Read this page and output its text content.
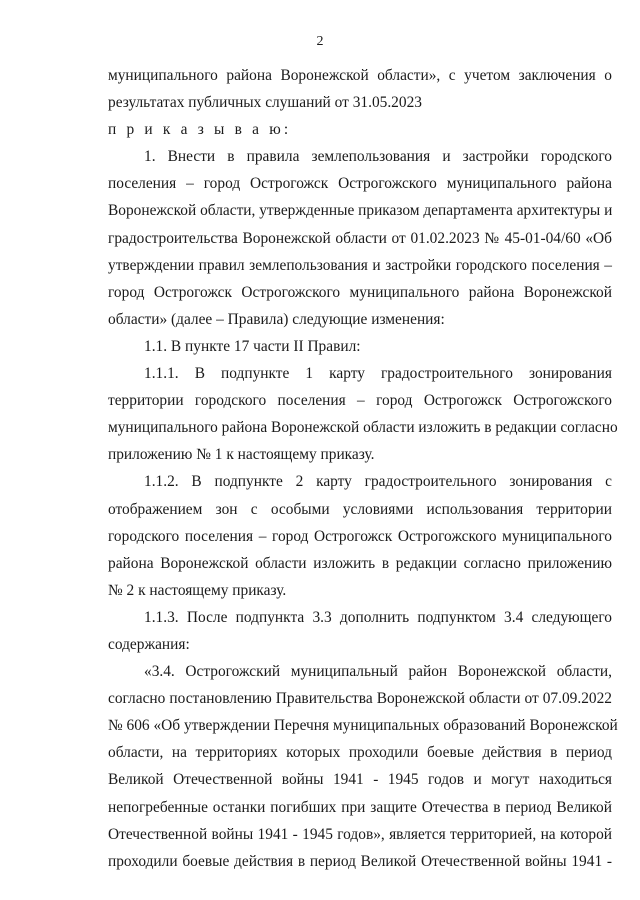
2
муниципального района Воронежской области», с учетом заключения о
результатах публичных слушаний от 31.05.2023
п р и к а з ы в а ю:
1. Внести в правила землепользования и застройки городского
поселения – город Острогожск Острогожского муниципального района
Воронежской области, утвержденные приказом департамента архитектуры и
градостроительства Воронежской области от 01.02.2023 № 45-01-04/60 «Об
утверждении правил землепользования и застройки городского поселения –
город Острогожск Острогожского муниципального района Воронежской
области» (далее – Правила) следующие изменения:
1.1. В пункте 17 части II Правил:
1.1.1. В подпункте 1 карту градостроительного зонирования
территории городского поселения – город Острогожск Острогожского
муниципального района Воронежской области изложить в редакции согласно
приложению № 1 к настоящему приказу.
1.1.2. В подпункте 2 карту градостроительного зонирования с
отображением зон с особыми условиями использования территории
городского поселения – город Острогожск Острогожского муниципального
района Воронежской области изложить в редакции согласно приложению
№ 2 к настоящему приказу.
1.1.3. После подпункта 3.3 дополнить подпунктом 3.4 следующего
содержания:
«3.4. Острогожский муниципальный район Воронежской области,
согласно постановлению Правительства Воронежской области от 07.09.2022
№ 606 «Об утверждении Перечня муниципальных образований Воронежской
области, на территориях которых проходили боевые действия в период
Великой Отечественной войны 1941 - 1945 годов и могут находиться
непогребенные останки погибших при защите Отечества в период Великой
Отечественной войны 1941 - 1945 годов», является территорией, на которой
проходили боевые действия в период Великой Отечественной войны 1941 -
